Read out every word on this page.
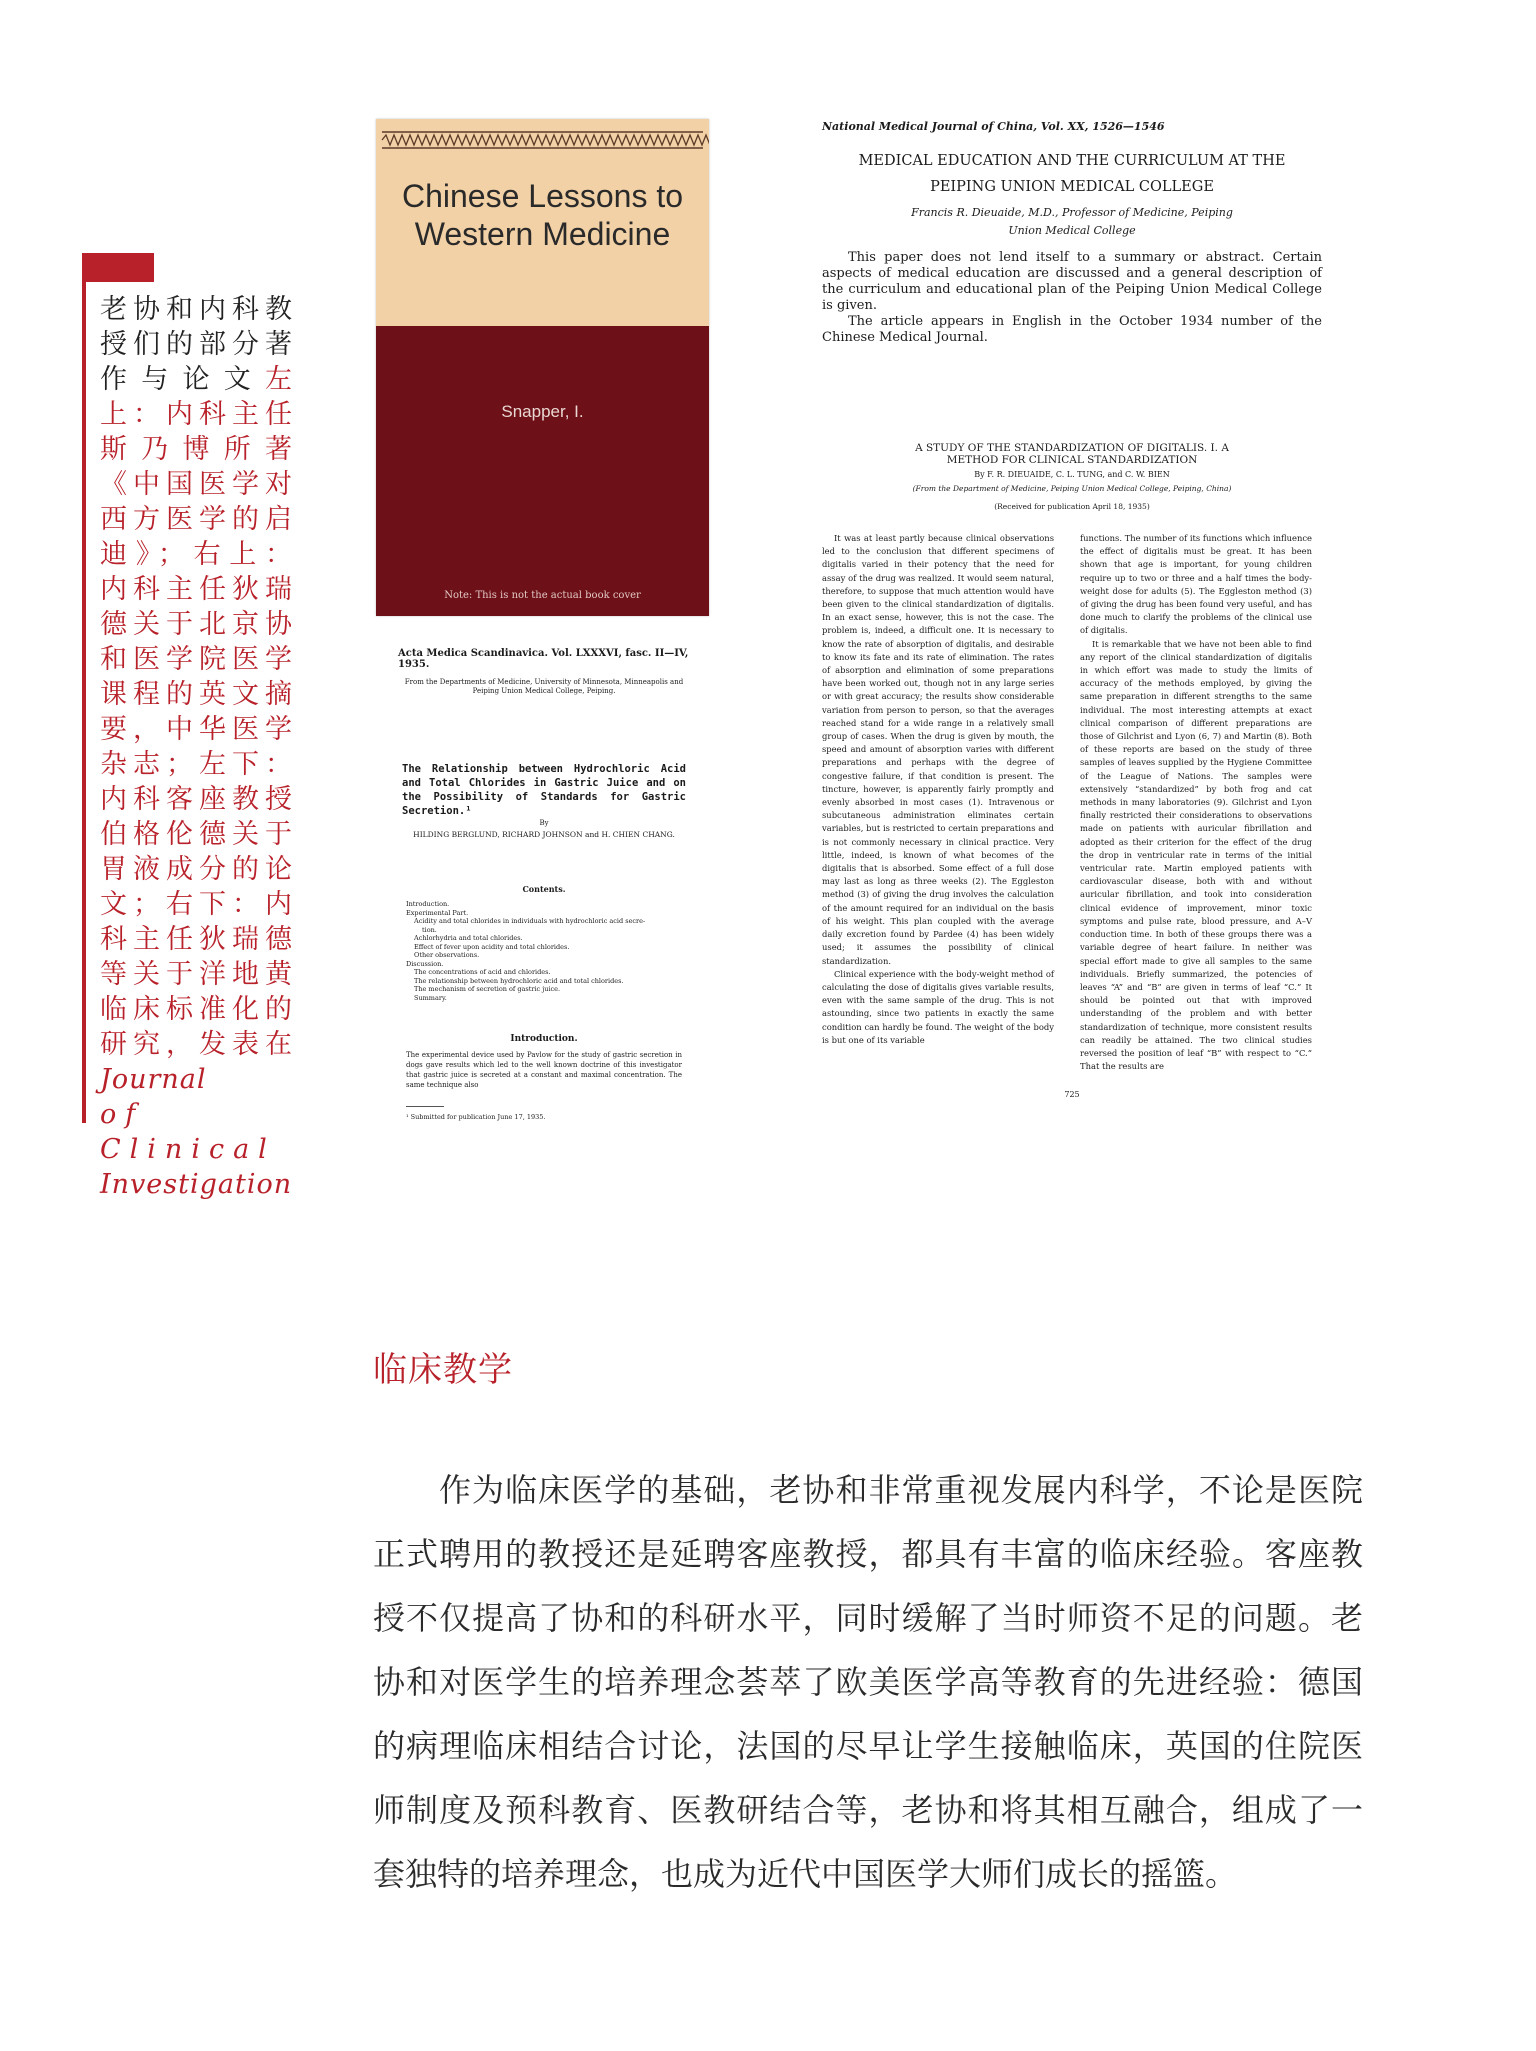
老协和内科教授们的部分著作与论文左上：内科主任斯乃博所著《中国医学对西方医学的启迪》；右上：内科主任狄瑞德关于北京协和医学院医学课程的英文摘要，中华医学杂志；左下：内科客座教授伯格伦德关于胃液成分的论文；右下：内科主任狄瑞德等关于洋地黄临床标准化的研究，发表在Journal
of Clinical
Investigation
Chinese Lessons to Western Medicine
Snapper, I.
Note: This is not the actual book cover
Acta Medica Scandinavica. Vol. LXXXVI, fasc. II—IV, 1935.
From the Departments of Medicine, University of Minnesota, Minneapolis and Peiping Union Medical College, Peiping.
The Relationship between Hydrochloric Acid and Total Chlorides in Gastric Juice and on the Possibility of Standards for Gastric Secretion.¹
By
HILDING BERGLUND, RICHARD JOHNSON and H. CHIEN CHANG.
Contents.
Introduction.
Experimental Part.
Acidity and total chlorides in individuals with hydrochloric acid secre-
tion.
Achlorhydria and total chlorides.
Effect of fever upon acidity and total chlorides.
Other observations.
Discussion.
The concentrations of acid and chlorides.
The relationship between hydrochloric acid and total chlorides.
The mechanism of secretion of gastric juice.
Summary.
Introduction.
The experimental device used by Pavlow for the study of gastric secretion in dogs gave results which led to the well known doctrine of this investigator that gastric juice is secreted at a constant and maximal concentration. The same technique also
¹ Submitted for publication June 17, 1935.
National Medical Journal of China, Vol. XX, 1526—1546
MEDICAL EDUCATION AND THE CURRICULUM AT THE
PEIPING UNION MEDICAL COLLEGE
Francis R. Dieuaide, M.D., Professor of Medicine, Peiping
Union Medical College

This paper does not lend itself to a summary or abstract. Certain aspects of medical education are discussed and a general description of the curriculum and educational plan of the Peiping Union Medical College is given.

The article appears in English in the October 1934 number of the Chinese Medical Journal.

A STUDY OF THE STANDARDIZATION OF DIGITALIS. I. A
METHOD FOR CLINICAL STANDARDIZATION
By F. R. DIEUAIDE, C. L. TUNG, and C. W. BIEN
(From the Department of Medicine, Peiping Union Medical College, Peiping, China)
(Received for publication April 18, 1935)
It was at least partly because clinical observations led to the conclusion that different specimens of digitalis varied in their potency that the need for assay of the drug was realized. It would seem natural, therefore, to suppose that much attention would have been given to the clinical standardization of digitalis. In an exact sense, however, this is not the case. The problem is, indeed, a difficult one. It is necessary to know the rate of absorption of digitalis, and desirable to know its fate and its rate of elimination. The rates of absorption and elimination of some preparations have been worked out, though not in any large series or with great accuracy; the results show considerable variation from person to person, so that the averages reached stand for a wide range in a relatively small group of cases. When the drug is given by mouth, the speed and amount of absorption varies with different preparations and perhaps with the degree of congestive failure, if that condition is present. The tincture, however, is apparently fairly promptly and evenly absorbed in most cases (1). Intravenous or subcutaneous administration eliminates certain variables, but is restricted to certain preparations and is not commonly necessary in clinical practice. Very little, indeed, is known of what becomes of the digitalis that is absorbed. Some effect of a full dose may last as long as three weeks (2). The Eggleston method (3) of giving the drug involves the calculation of the amount required for an individual on the basis of his weight. This plan coupled with the average daily excretion found by Pardee (4) has been widely used; it assumes the possibility of clinical standardization.
Clinical experience with the body-weight method of calculating the dose of digitalis gives variable results, even with the same sample of the drug. This is not astounding, since two patients in exactly the same condition can hardly be found. The weight of the body is but one of its variable
functions. The number of its functions which influence the effect of digitalis must be great. It has been shown that age is important, for young children require up to two or three and a half times the body-weight dose for adults (5). The Eggleston method (3) of giving the drug has been found very useful, and has done much to clarify the problems of the clinical use of digitalis.
It is remarkable that we have not been able to find any report of the clinical standardization of digitalis in which effort was made to study the limits of accuracy of the methods employed, by giving the same preparation in different strengths to the same individual. The most interesting attempts at exact clinical comparison of different preparations are those of Gilchrist and Lyon (6, 7) and Martin (8). Both of these reports are based on the study of three samples of leaves supplied by the Hygiene Committee of the League of Nations. The samples were extensively “standardized” by both frog and cat methods in many laboratories (9). Gilchrist and Lyon finally restricted their considerations to observations made on patients with auricular fibrillation and adopted as their criterion for the effect of the drug the drop in ventricular rate in terms of the initial ventricular rate. Martin employed patients with cardiovascular disease, both with and without auricular fibrillation, and took into consideration clinical evidence of improvement, minor toxic symptoms and pulse rate, blood pressure, and A–V conduction time. In both of these groups there was a variable degree of heart failure. In neither was special effort made to give all samples to the same individuals. Briefly summarized, the potencies of leaves “A” and “B” are given in terms of leaf “C.” It should be pointed out that with improved understanding of the problem and with better standardization of technique, more consistent results can readily be attained. The two clinical studies reversed the position of leaf “B” with respect to “C.” That the results are
725
临床教学

作为临床医学的基础，老协和非常重视发展内科学，不论是医院正式聘用的教授还是延聘客座教授，都具有丰富的临床经验。客座教授不仅提高了协和的科研水平，同时缓解了当时师资不足的问题。老协和对医学生的培养理念荟萃了欧美医学高等教育的先进经验：德国的病理临床相结合讨论，法国的尽早让学生接触临床，英国的住院医师制度及预科教育、医教研结合等，老协和将其相互融合，组成了一套独特的培养理念，也成为近代中国医学大师们成长的摇篮。
